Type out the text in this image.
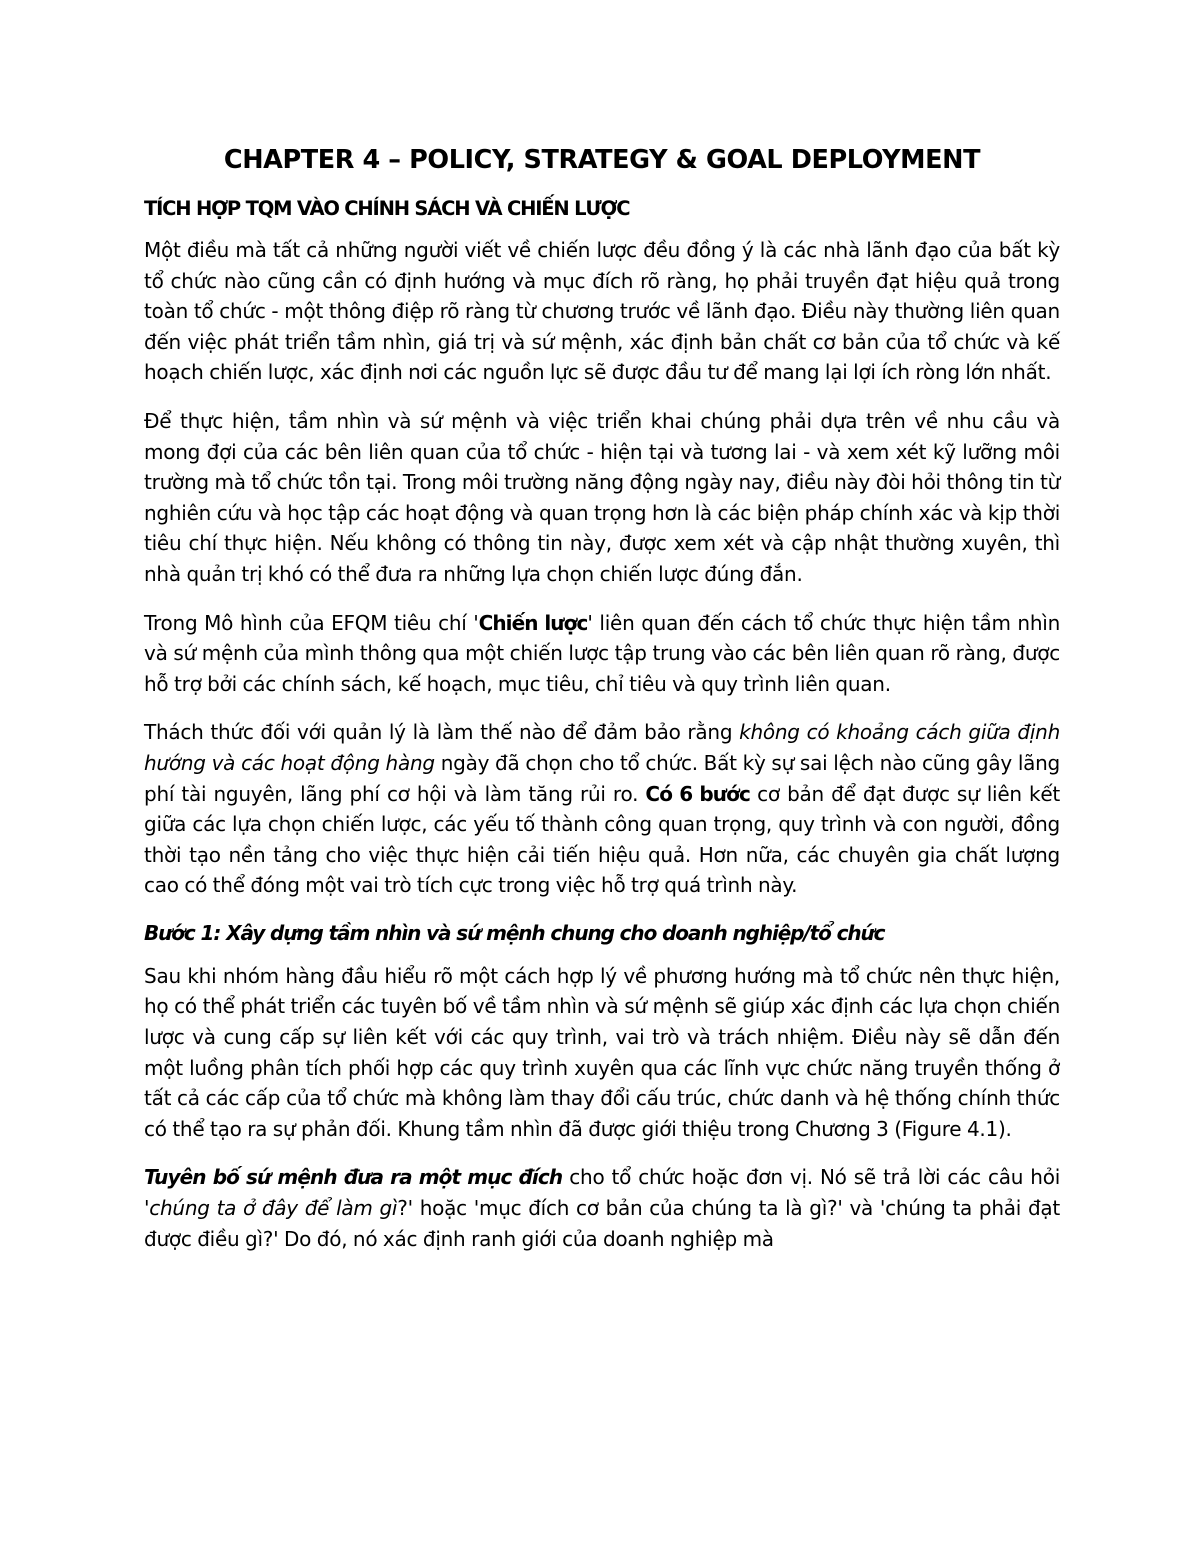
CHAPTER 4 – POLICY, STRATEGY & GOAL DEPLOYMENT
TÍCH HỢP TQM VÀO CHÍNH SÁCH VÀ CHIẾN LƯỢC

Một điều mà tất cả những người viết về chiến lược đều đồng ý là các nhà lãnh đạo của bất kỳ tổ chức nào cũng cần có định hướng và mục đích rõ ràng, họ phải truyền đạt hiệu quả trong toàn tổ chức - một thông điệp rõ ràng từ chương trước về lãnh đạo. Điều này thường liên quan đến việc phát triển tầm nhìn, giá trị và sứ mệnh, xác định bản chất cơ bản của tổ chức và kế hoạch chiến lược, xác định nơi các nguồn lực sẽ được đầu tư để mang lại lợi ích ròng lớn nhất.

Để thực hiện, tầm nhìn và sứ mệnh và việc triển khai chúng phải dựa trên về nhu cầu và mong đợi của các bên liên quan của tổ chức - hiện tại và tương lai - và xem xét kỹ lưỡng môi trường mà tổ chức tồn tại. Trong môi trường năng động ngày nay, điều này đòi hỏi thông tin từ nghiên cứu và học tập các hoạt động và quan trọng hơn là các biện pháp chính xác và kịp thời tiêu chí thực hiện. Nếu không có thông tin này, được xem xét và cập nhật thường xuyên, thì nhà quản trị khó có thể đưa ra những lựa chọn chiến lược đúng đắn.

Trong Mô hình của EFQM tiêu chí 'Chiến lược' liên quan đến cách tổ chức thực hiện tầm nhìn và sứ mệnh của mình thông qua một chiến lược tập trung vào các bên liên quan rõ ràng, được hỗ trợ bởi các chính sách, kế hoạch, mục tiêu, chỉ tiêu và quy trình liên quan.

Thách thức đối với quản lý là làm thế nào để đảm bảo rằng không có khoảng cách giữa định hướng và các hoạt động hàng ngày đã chọn cho tổ chức. Bất kỳ sự sai lệch nào cũng gây lãng phí tài nguyên, lãng phí cơ hội và làm tăng rủi ro. Có 6 bước cơ bản để đạt được sự liên kết giữa các lựa chọn chiến lược, các yếu tố thành công quan trọng, quy trình và con người, đồng thời tạo nền tảng cho việc thực hiện cải tiến hiệu quả. Hơn nữa, các chuyên gia chất lượng cao có thể đóng một vai trò tích cực trong việc hỗ trợ quá trình này.

Bước 1: Xây dựng tầm nhìn và sứ mệnh chung cho doanh nghiệp/tổ chức

Sau khi nhóm hàng đầu hiểu rõ một cách hợp lý về phương hướng mà tổ chức nên thực hiện, họ có thể phát triển các tuyên bố về tầm nhìn và sứ mệnh sẽ giúp xác định các lựa chọn chiến lược và cung cấp sự liên kết với các quy trình, vai trò và trách nhiệm. Điều này sẽ dẫn đến một luồng phân tích phối hợp các quy trình xuyên qua các lĩnh vực chức năng truyền thống ở tất cả các cấp của tổ chức mà không làm thay đổi cấu trúc, chức danh và hệ thống chính thức có thể tạo ra sự phản đối. Khung tầm nhìn đã được giới thiệu trong Chương 3 (Figure 4.1).

Tuyên bố sứ mệnh đưa ra một mục đích cho tổ chức hoặc đơn vị. Nó sẽ trả lời các câu hỏi 'chúng ta ở đây để làm gì?' hoặc 'mục đích cơ bản của chúng ta là gì?' và 'chúng ta phải đạt được điều gì?' Do đó, nó xác định ranh giới của doanh nghiệp mà
